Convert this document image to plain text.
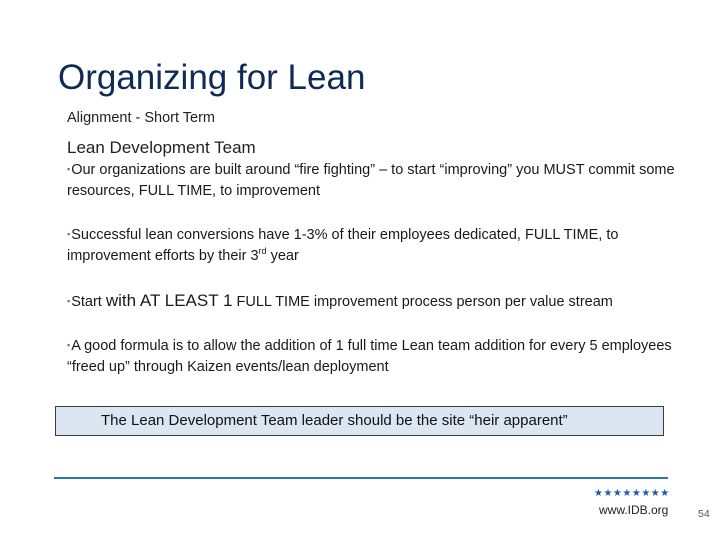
Organizing for Lean
Alignment - Short Term
Lean Development Team
▪Our organizations are built around “fire fighting” – to start “improving” you MUST commit some resources, FULL TIME, to improvement
▪Successful lean conversions have 1-3% of their employees dedicated, FULL TIME, to improvement efforts by their 3rd year
▪Start with AT LEAST 1 FULL TIME improvement process person per value stream
▪A good formula is to allow the addition of 1 full time Lean team addition for every 5 employees “freed up” through Kaizen events/lean deployment
The Lean Development Team leader should be the site “heir apparent”
★★★★★★★★
www.IDB.org	54
